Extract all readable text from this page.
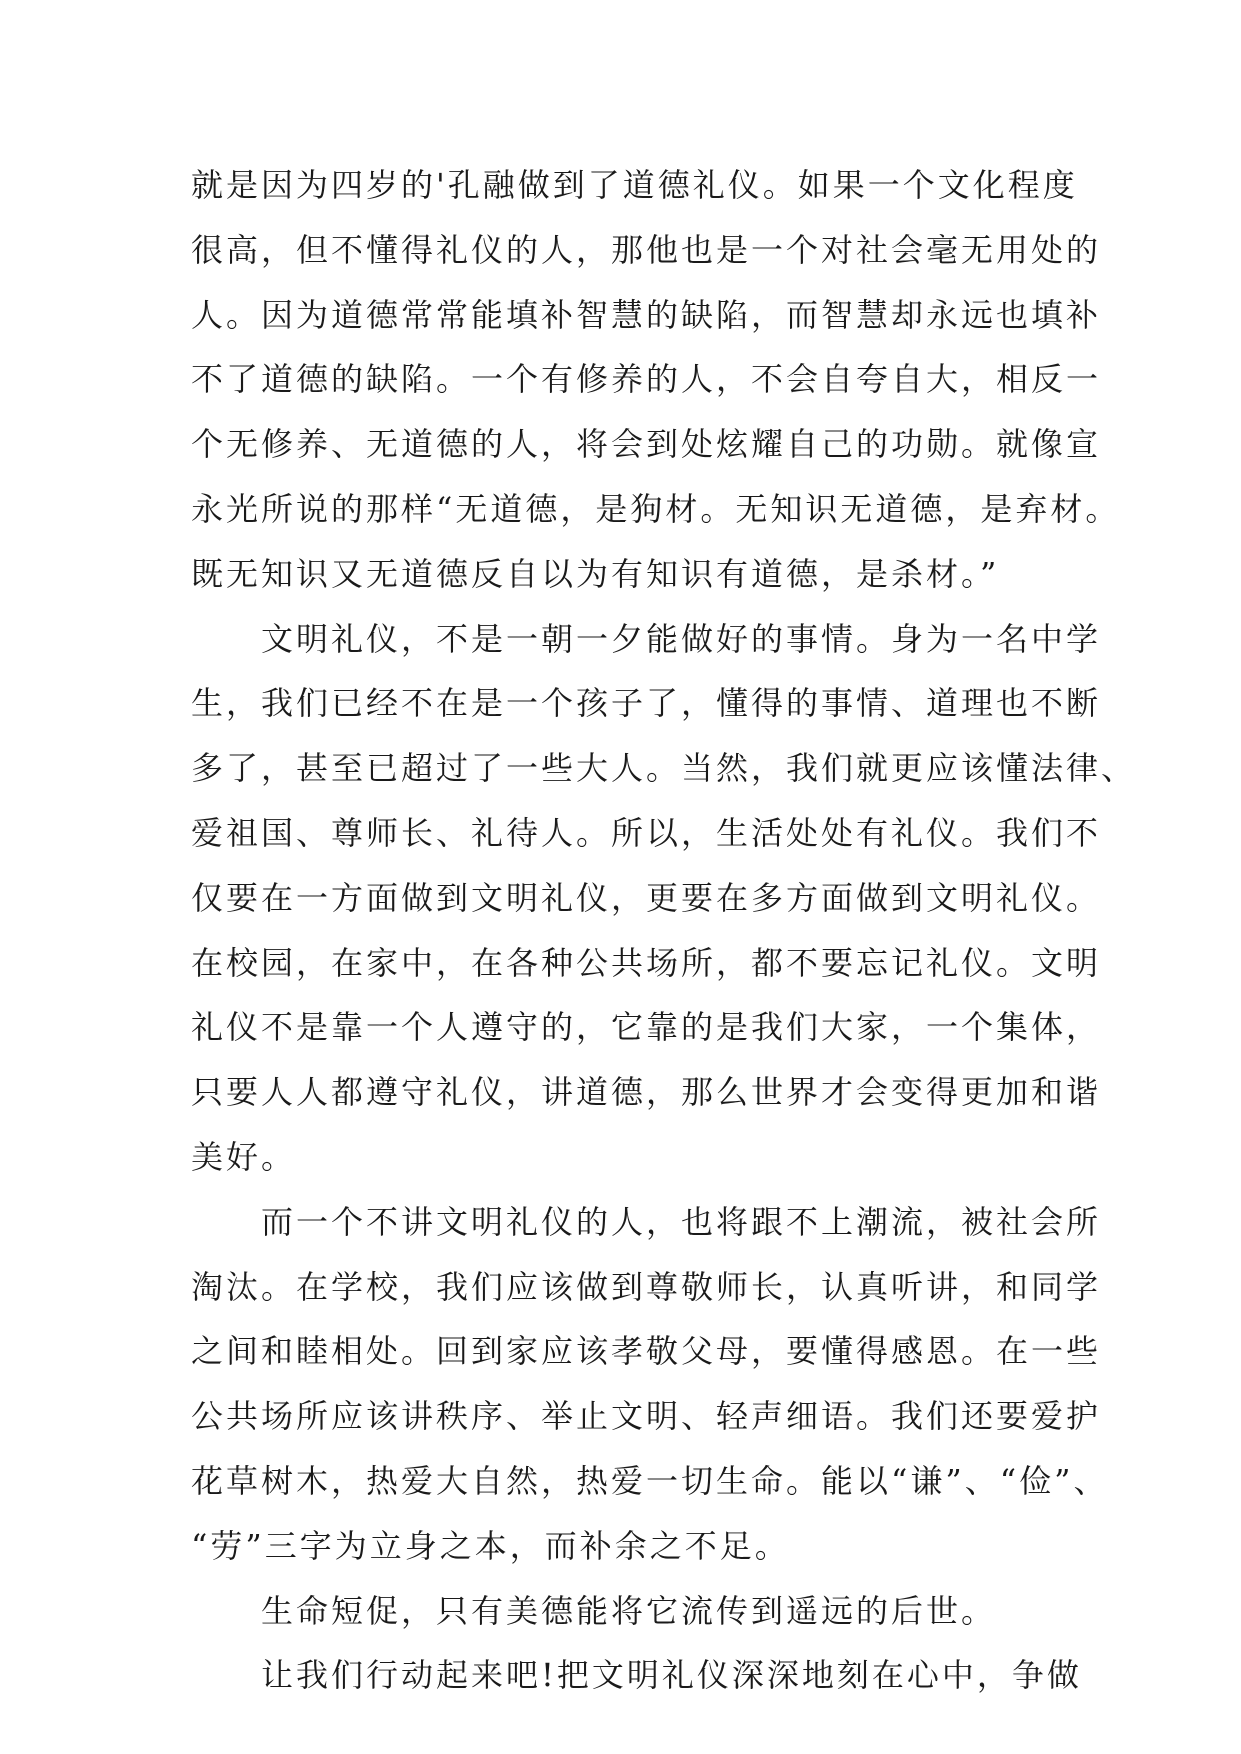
就是因为四岁的'孔融做到了道德礼仪。如果一个文化程度
很高，但不懂得礼仪的人，那他也是一个对社会毫无用处的
人。因为道德常常能填补智慧的缺陷，而智慧却永远也填补
不了道德的缺陷。一个有修养的人，不会自夸自大，相反一
个无修养、无道德的人，将会到处炫耀自己的功勋。就像宣
永光所说的那样“无道德，是狗材。无知识无道德，是弃材。
既无知识又无道德反自以为有知识有道德，是杀材。”
　　文明礼仪，不是一朝一夕能做好的事情。身为一名中学
生，我们已经不在是一个孩子了，懂得的事情、道理也不断
多了，甚至已超过了一些大人。当然，我们就更应该懂法律、
爱祖国、尊师长、礼待人。所以，生活处处有礼仪。我们不
仅要在一方面做到文明礼仪，更要在多方面做到文明礼仪。
在校园，在家中，在各种公共场所，都不要忘记礼仪。文明
礼仪不是靠一个人遵守的，它靠的是我们大家，一个集体，
只要人人都遵守礼仪，讲道德，那么世界才会变得更加和谐
美好。
　　而一个不讲文明礼仪的人，也将跟不上潮流，被社会所
淘汰。在学校，我们应该做到尊敬师长，认真听讲，和同学
之间和睦相处。回到家应该孝敬父母，要懂得感恩。在一些
公共场所应该讲秩序、举止文明、轻声细语。我们还要爱护
花草树木，热爱大自然，热爱一切生命。能以“谦”、“俭”、
“劳”三字为立身之本，而补余之不足。
　　生命短促，只有美德能将它流传到遥远的后世。
　　让我们行动起来吧!把文明礼仪深深地刻在心中，争做
